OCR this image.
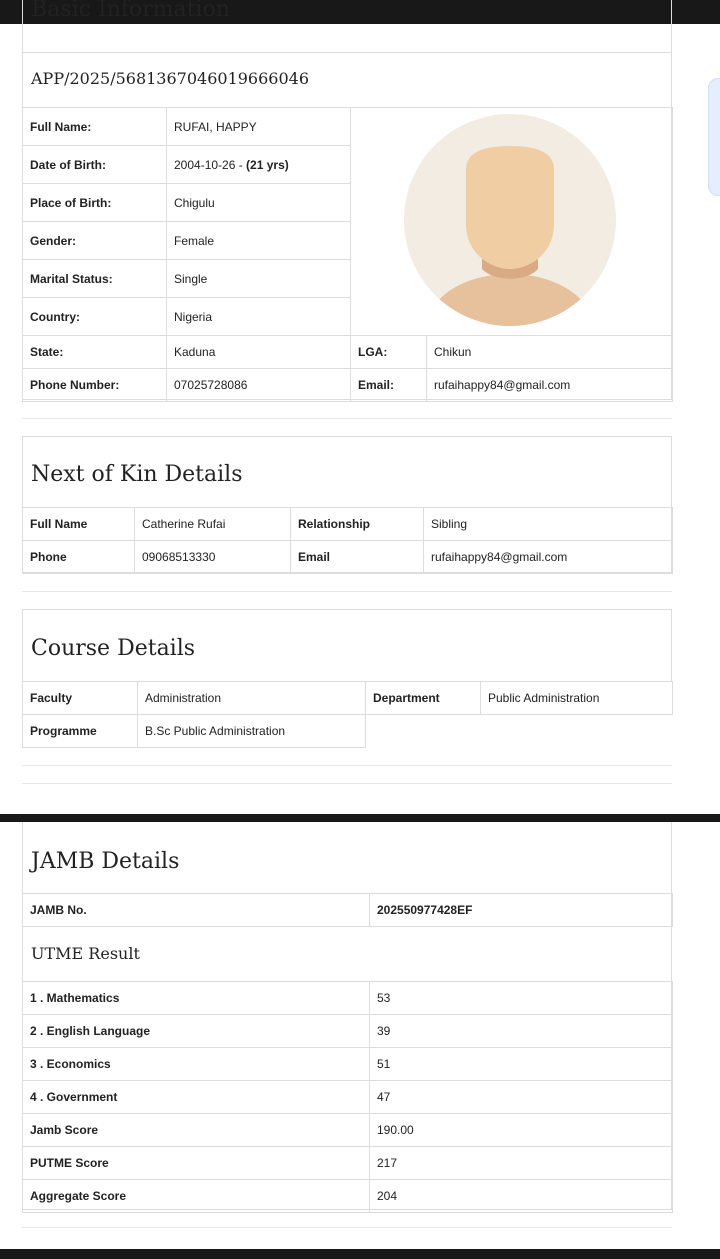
Basic Information
APP/2025/5681367046019666046
Full Name:	RUFAI, HAPPY	

Date of Birth:	2004-10-26 - (21 yrs)		
Place of Birth:	Chigulu		
Gender:	Female		
Marital Status:	Single		
Country:	Nigeria		
State:	Kaduna	LGA:	Chikun
Phone Number:	07025728086	Email:	rufaihappy84@gmail.com
Next of Kin Details
Full Name	Catherine Rufai	Relationship	Sibling
Phone	09068513330	Email	rufaihappy84@gmail.com
Course Details
Faculty	Administration	Department	Public Administration
Programme	B.Sc Public Administration		
JAMB Details
JAMB No.	202550977428EF
UTME Result
1 . Mathematics	53
2 . English Language	39
3 . Economics	51
4 . Government	47
Jamb Score	190.00
PUTME Score	217
Aggregate Score	204
